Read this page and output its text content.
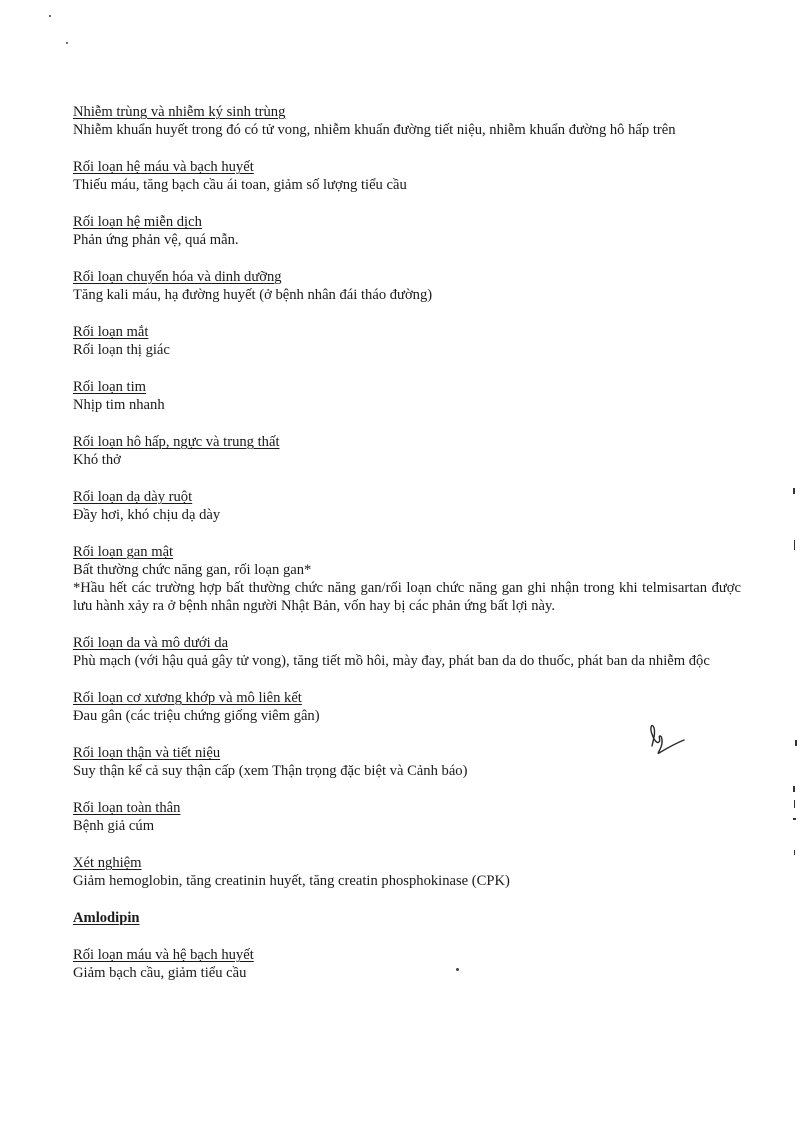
Nhiễm trùng và nhiễm ký sinh trùng
Nhiễm khuẩn huyết trong đó có tử vong, nhiễm khuẩn đường tiết niệu, nhiễm khuẩn đường hô hấp trên
Rối loạn hệ máu và bạch huyết
Thiếu máu, tăng bạch cầu ái toan, giảm số lượng tiểu cầu
Rối loạn hệ miễn dịch
Phản ứng phản vệ, quá mẫn.
Rối loạn chuyển hóa và dinh dưỡng
Tăng kali máu, hạ đường huyết (ở bệnh nhân đái tháo đường)
Rối loạn mắt
Rối loạn thị giác
Rối loạn tim
Nhịp tim nhanh
Rối loạn hô hấp, ngực và trung thất
Khó thở
Rối loạn dạ dày ruột
Đầy hơi, khó chịu dạ dày
Rối loạn gan mật
Bất thường chức năng gan, rối loạn gan*
*Hầu hết các trường hợp bất thường chức năng gan/rối loạn chức năng gan ghi nhận trong khi telmisartan được lưu hành xảy ra ở bệnh nhân người Nhật Bản, vốn hay bị các phản ứng bất lợi này.
Rối loạn da và mô dưới da
Phù mạch (với hậu quả gây tử vong), tăng tiết mồ hôi, mày đay, phát ban da do thuốc, phát ban da nhiễm độc
Rối loạn cơ xương khớp và mô liên kết
Đau gân (các triệu chứng giống viêm gân)
Rối loạn thận và tiết niệu
Suy thận kể cả suy thận cấp (xem Thận trọng đặc biệt và Cảnh báo)
Rối loạn toàn thân
Bệnh giả cúm
Xét nghiệm
Giảm hemoglobin, tăng creatinin huyết, tăng creatin phosphokinase (CPK)
Amlodipin
Rối loạn máu và hệ bạch huyết
Giảm bạch cầu, giảm tiểu cầu
